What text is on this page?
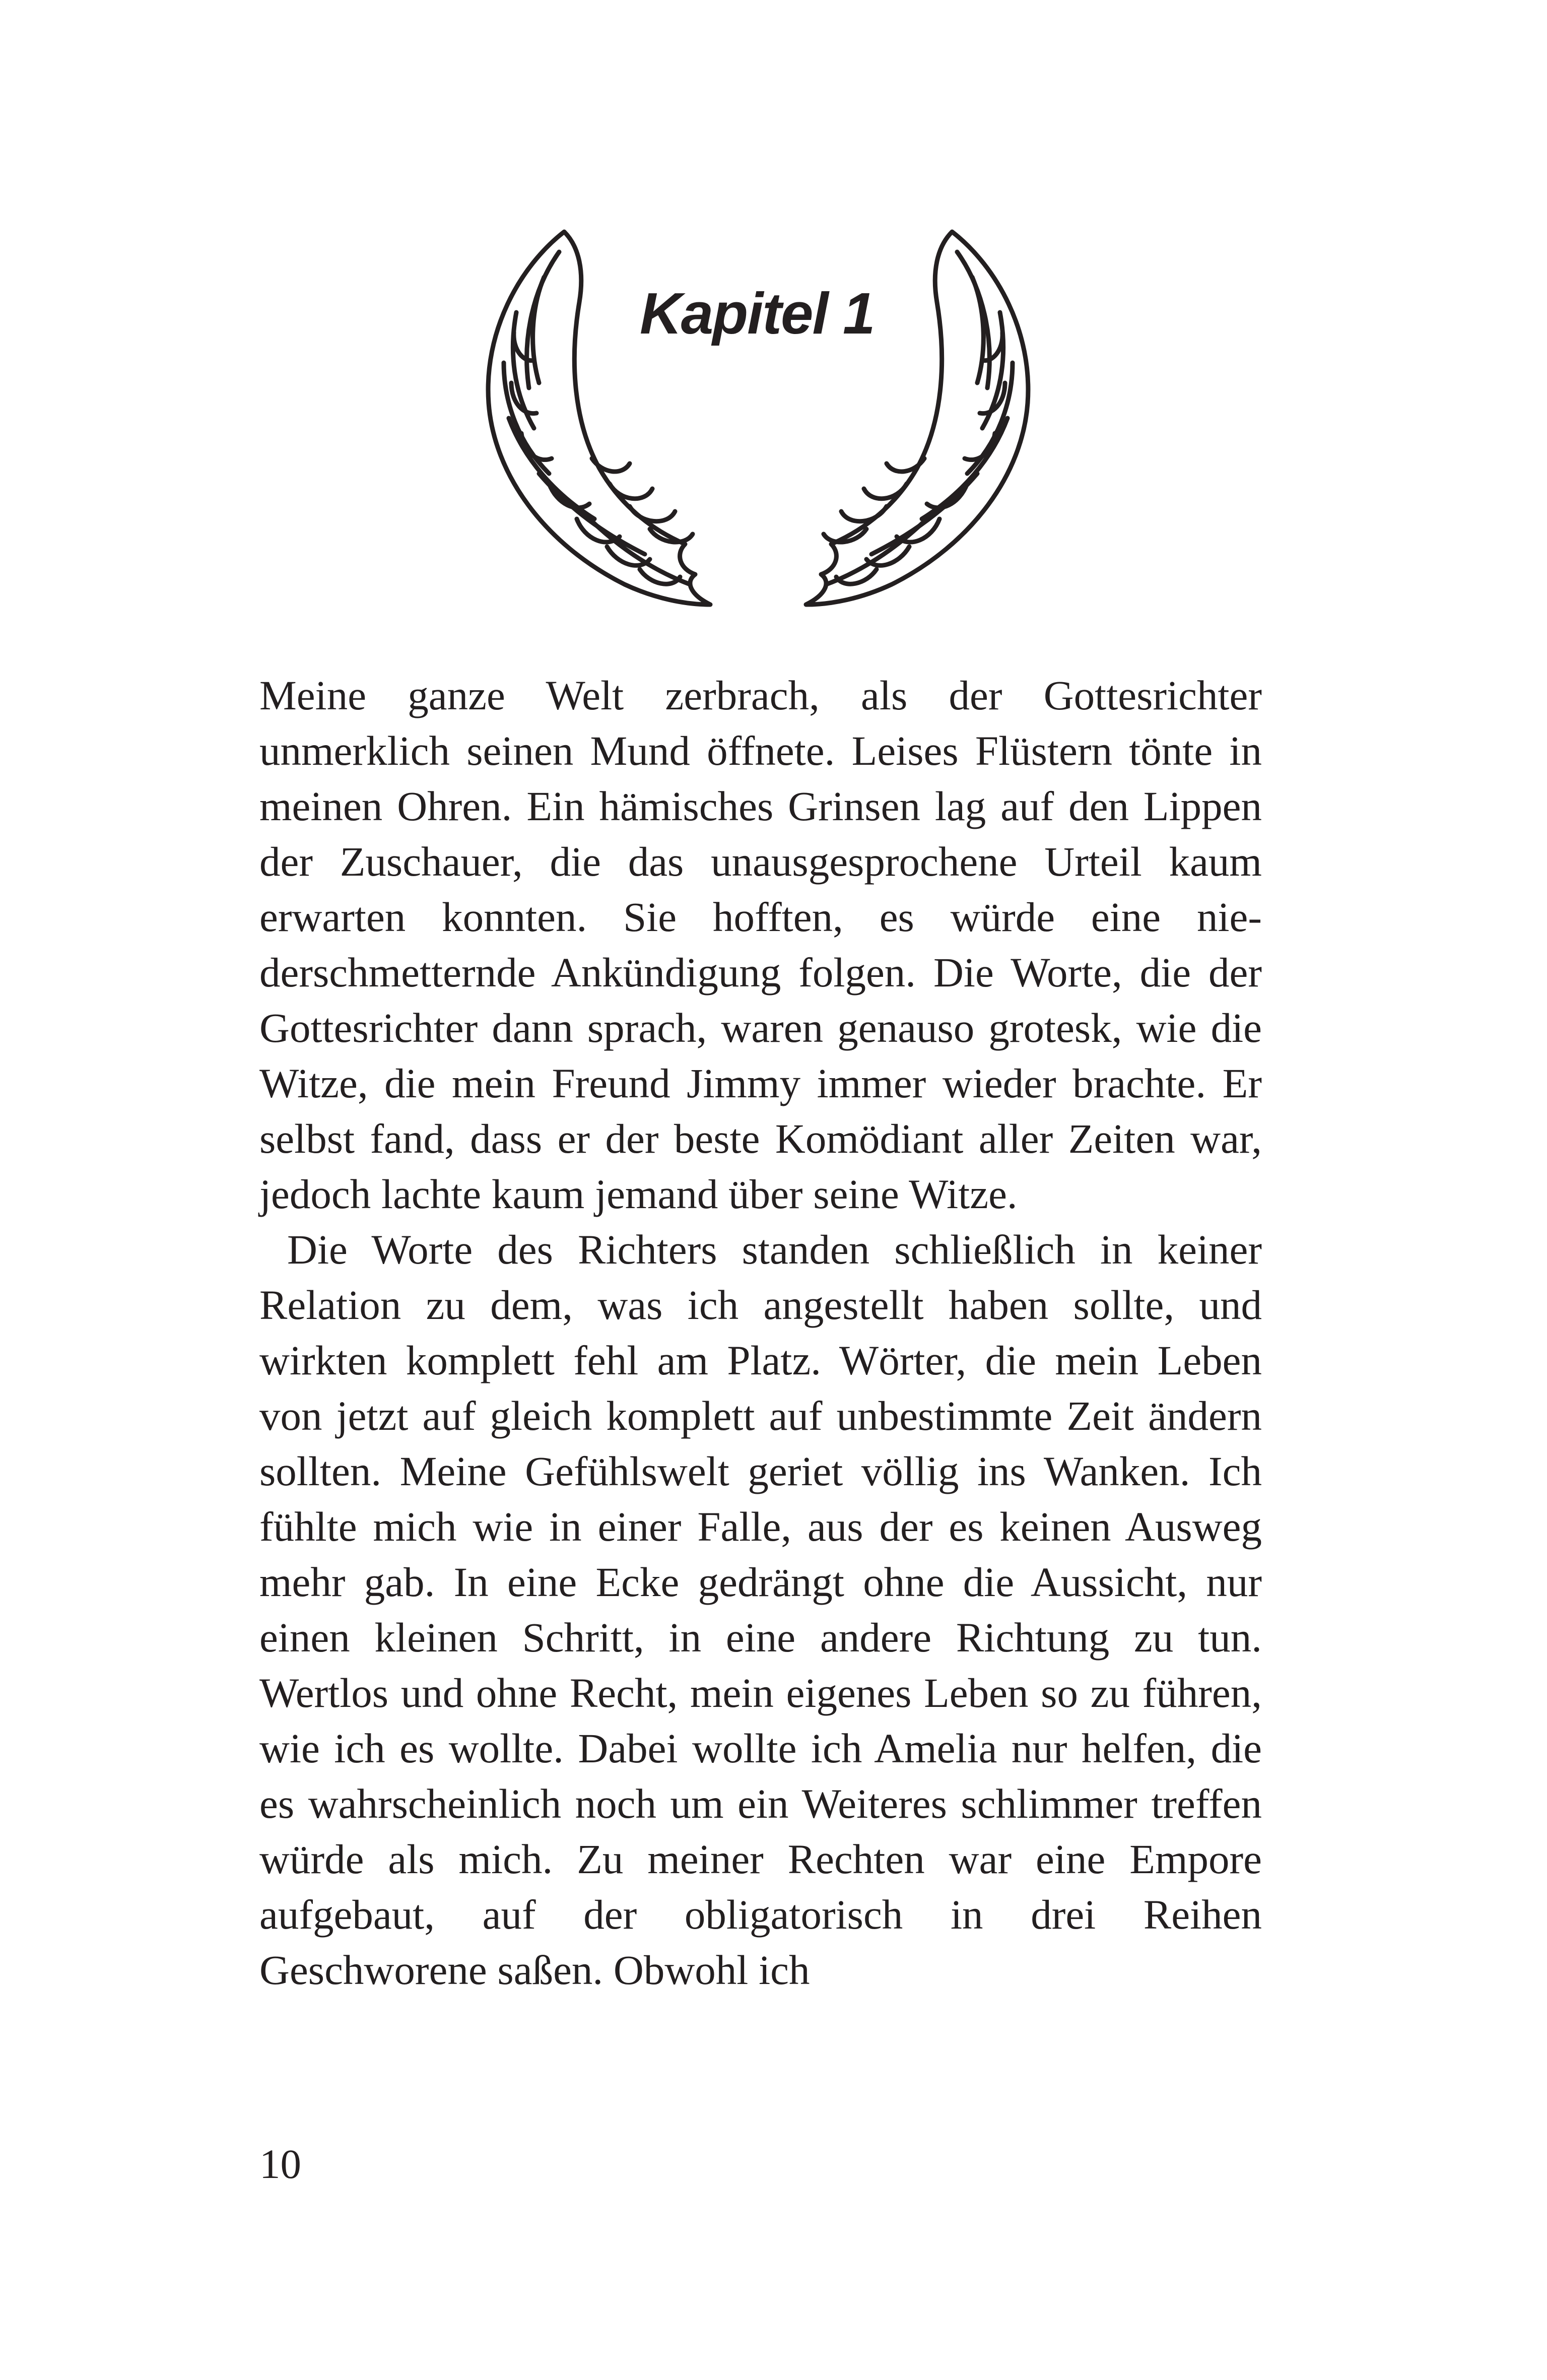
Kapitel 1

Meine ganze Welt zerbrach, als der Gottesrichter unmerklich seinen Mund öffnete. Leises Flüstern tönte in meinen Ohren. Ein hämisches Grinsen lag auf den Lippen der Zuschauer, die das unausgesprochene Urteil kaum erwarten konnten. Sie hofften, es würde eine niederschmetternde Ankündigung folgen. Die Worte, die der Gottesrichter dann sprach, waren genauso grotesk, wie die Witze, die mein Freund Jimmy immer wieder brachte. Er selbst fand, dass er der beste Komödiant aller Zeiten war, jedoch lachte kaum jemand über seine Witze.

Die Worte des Richters standen schließlich in keiner Relation zu dem, was ich angestellt haben sollte, und wirkten komplett fehl am Platz. Wörter, die mein Leben von jetzt auf gleich komplett auf unbestimmte Zeit ändern sollten. Meine Gefühlswelt geriet völlig ins Wanken. Ich fühlte mich wie in einer Falle, aus der es keinen Ausweg mehr gab. In eine Ecke gedrängt ohne die Aussicht, nur einen kleinen Schritt, in eine andere Richtung zu tun. Wertlos und ohne Recht, mein eigenes Leben so zu führen, wie ich es wollte. Dabei wollte ich Amelia nur helfen, die es wahrscheinlich noch um ein Weiteres schlimmer treffen würde als mich. Zu meiner Rechten war eine Empore aufgebaut, auf der obligatorisch in drei Reihen Geschworene saßen. Obwohl ich

10
